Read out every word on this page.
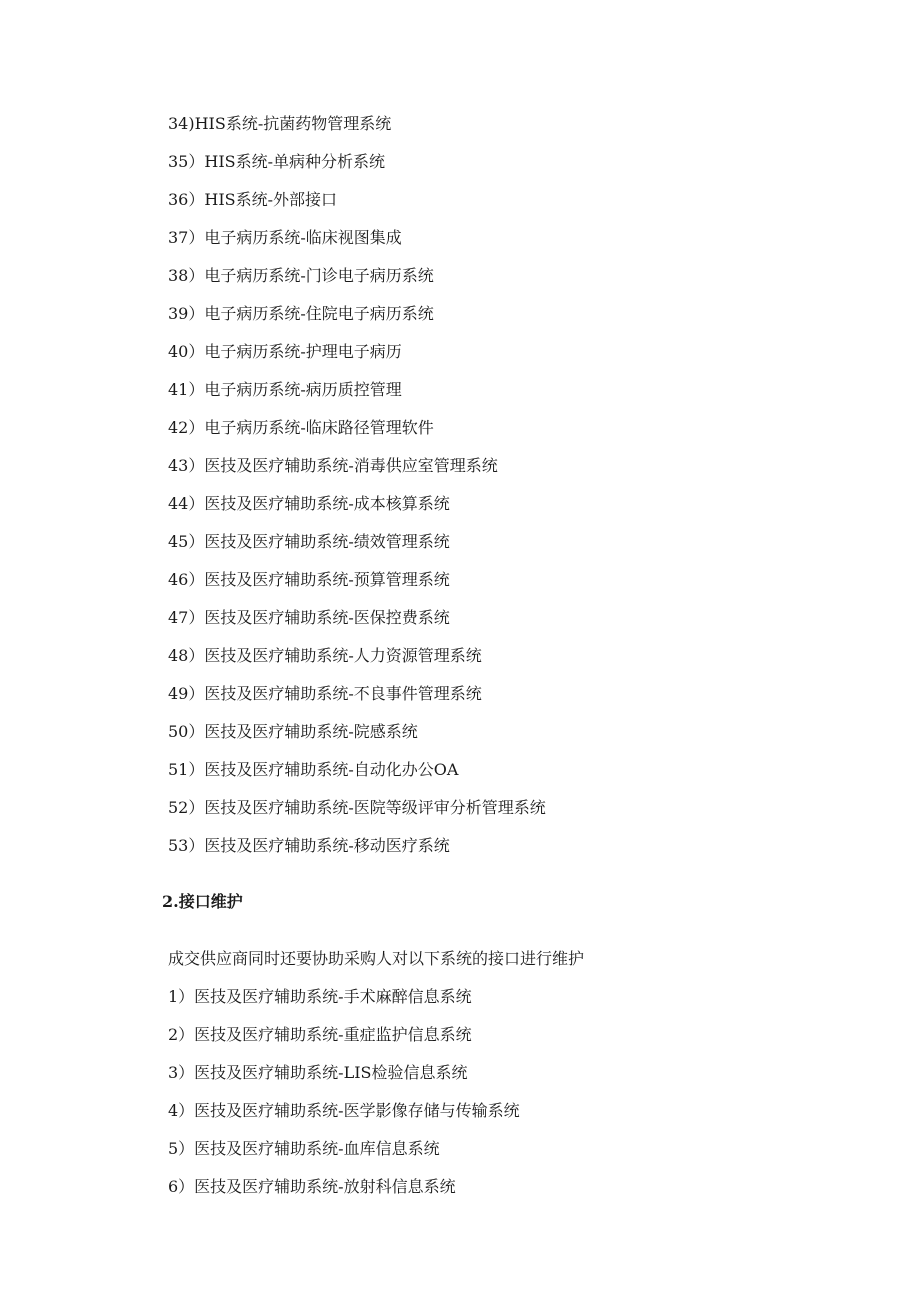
34)HIS系统-抗菌药物管理系统
35）HIS系统-单病种分析系统
36）HIS系统-外部接口
37）电子病历系统-临床视图集成
38）电子病历系统-门诊电子病历系统
39）电子病历系统-住院电子病历系统
40）电子病历系统-护理电子病历
41）电子病历系统-病历质控管理
42）电子病历系统-临床路径管理软件
43）医技及医疗辅助系统-消毒供应室管理系统
44）医技及医疗辅助系统-成本核算系统
45）医技及医疗辅助系统-绩效管理系统
46）医技及医疗辅助系统-预算管理系统
47）医技及医疗辅助系统-医保控费系统
48）医技及医疗辅助系统-人力资源管理系统
49）医技及医疗辅助系统-不良事件管理系统
50）医技及医疗辅助系统-院感系统
51）医技及医疗辅助系统-自动化办公OA
52）医技及医疗辅助系统-医院等级评审分析管理系统
53）医技及医疗辅助系统-移动医疗系统
2.接口维护
成交供应商同时还要协助采购人对以下系统的接口进行维护
1）医技及医疗辅助系统-手术麻醉信息系统
2）医技及医疗辅助系统-重症监护信息系统
3）医技及医疗辅助系统-LIS检验信息系统
4）医技及医疗辅助系统-医学影像存储与传输系统
5）医技及医疗辅助系统-血库信息系统
6）医技及医疗辅助系统-放射科信息系统
